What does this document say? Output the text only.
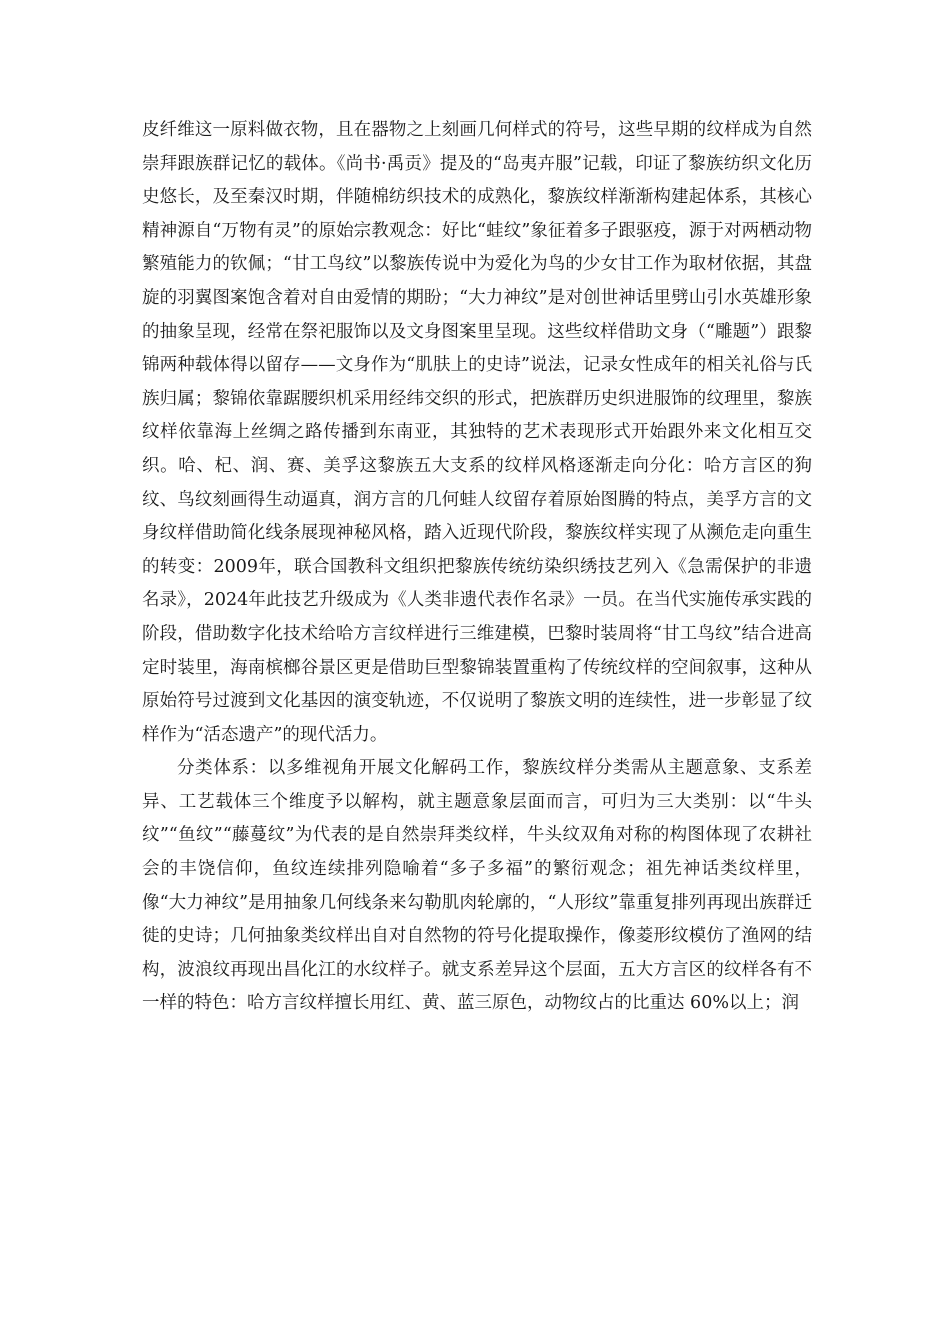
皮纤维这一原料做衣物，且在器物之上刻画几何样式的符号，这些早期的纹样成为自然崇拜跟族群记忆的载体。《尚书·禹贡》提及的“岛夷卉服”记载，印证了黎族纺织文化历史悠长，及至秦汉时期，伴随棉纺织技术的成熟化，黎族纹样渐渐构建起体系，其核心精神源自“万物有灵”的原始宗教观念：好比“蛙纹”象征着多子跟驱疫，源于对两栖动物繁殖能力的钦佩；“甘工鸟纹”以黎族传说中为爱化为鸟的少女甘工作为取材依据，其盘旋的羽翼图案饱含着对自由爱情的期盼；“大力神纹”是对创世神话里劈山引水英雄形象的抽象呈现，经常在祭祀服饰以及文身图案里呈现。这些纹样借助文身（“雕题”）跟黎锦两种载体得以留存——文身作为“肌肤上的史诗”说法，记录女性成年的相关礼俗与氏族归属；黎锦依靠踞腰织机采用经纬交织的形式，把族群历史织进服饰的纹理里，黎族纹样依靠海上丝绸之路传播到东南亚，其独特的艺术表现形式开始跟外来文化相互交织。哈、杞、润、赛、美孚这黎族五大支系的纹样风格逐渐走向分化：哈方言区的狗纹、鸟纹刻画得生动逼真，润方言的几何蛙人纹留存着原始图腾的特点，美孚方言的文身纹样借助简化线条展现神秘风格，踏入近现代阶段，黎族纹样实现了从濒危走向重生的转变：2009年，联合国教科文组织把黎族传统纺染织绣技艺列入《急需保护的非遗名录》，2024年此技艺升级成为《人类非遗代表作名录》一员。在当代实施传承实践的阶段，借助数字化技术给哈方言纹样进行三维建模，巴黎时装周将“甘工鸟纹”结合进高定时装里，海南槟榔谷景区更是借助巨型黎锦装置重构了传统纹样的空间叙事，这种从原始符号过渡到文化基因的演变轨迹，不仅说明了黎族文明的连续性，进一步彰显了纹样作为“活态遗产”的现代活力。

分类体系：以多维视角开展文化解码工作，黎族纹样分类需从主题意象、支系差异、工艺载体三个维度予以解构，就主题意象层面而言，可归为三大类别：以“牛头纹”“鱼纹”“藤蔓纹”为代表的是自然崇拜类纹样，牛头纹双角对称的构图体现了农耕社会的丰饶信仰，鱼纹连续排列隐喻着“多子多福”的繁衍观念；祖先神话类纹样里，像“大力神纹”是用抽象几何线条来勾勒肌肉轮廓的，“人形纹”靠重复排列再现出族群迁徙的史诗；几何抽象类纹样出自对自然物的符号化提取操作，像菱形纹模仿了渔网的结构，波浪纹再现出昌化江的水纹样子。就支系差异这个层面，五大方言区的纹样各有不一样的特色：哈方言纹样擅长用红、黄、蓝三原色，动物纹占的比重达 60%以上；润
